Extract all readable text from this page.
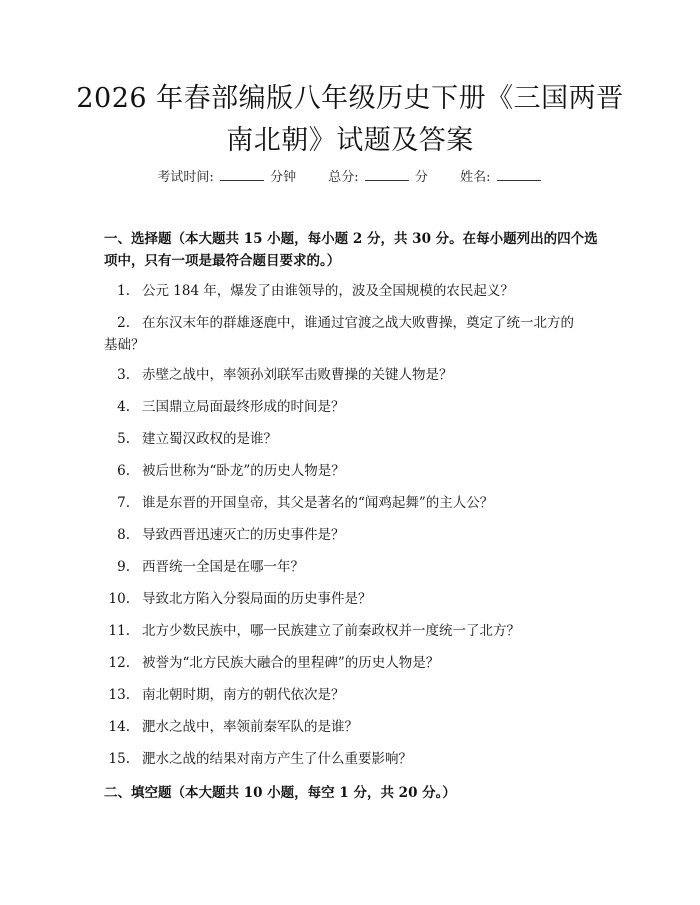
2026 年春部编版八年级历史下册《三国两晋
南北朝》试题及答案
考试时间:	分钟 总分:	分 姓名:
一、选择题（本大题共 15 小题，每小题 2 分，共 30 分。在每小题列出的四个选
项中，只有一项是最符合题目要求的。）
1. 公元 184 年，爆发了由谁领导的，波及全国规模的农民起义？
2. 在东汉末年的群雄逐鹿中，谁通过官渡之战大败曹操，奠定了统一北方的
基础？
3. 赤壁之战中，率领孙刘联军击败曹操的关键人物是？
4. 三国鼎立局面最终形成的时间是？
5. 建立蜀汉政权的是谁？
6. 被后世称为“卧龙”的历史人物是？
7. 谁是东晋的开国皇帝，其父是著名的“闻鸡起舞”的主人公？
8. 导致西晋迅速灭亡的历史事件是？
9. 西晋统一全国是在哪一年？
10. 导致北方陷入分裂局面的历史事件是？
11. 北方少数民族中，哪一民族建立了前秦政权并一度统一了北方？
12. 被誉为“北方民族大融合的里程碑”的历史人物是？
13. 南北朝时期，南方的朝代依次是？
14. 淝水之战中，率领前秦军队的是谁？
15. 淝水之战的结果对南方产生了什么重要影响？
二、填空题（本大题共 10 小题，每空 1 分，共 20 分。）
